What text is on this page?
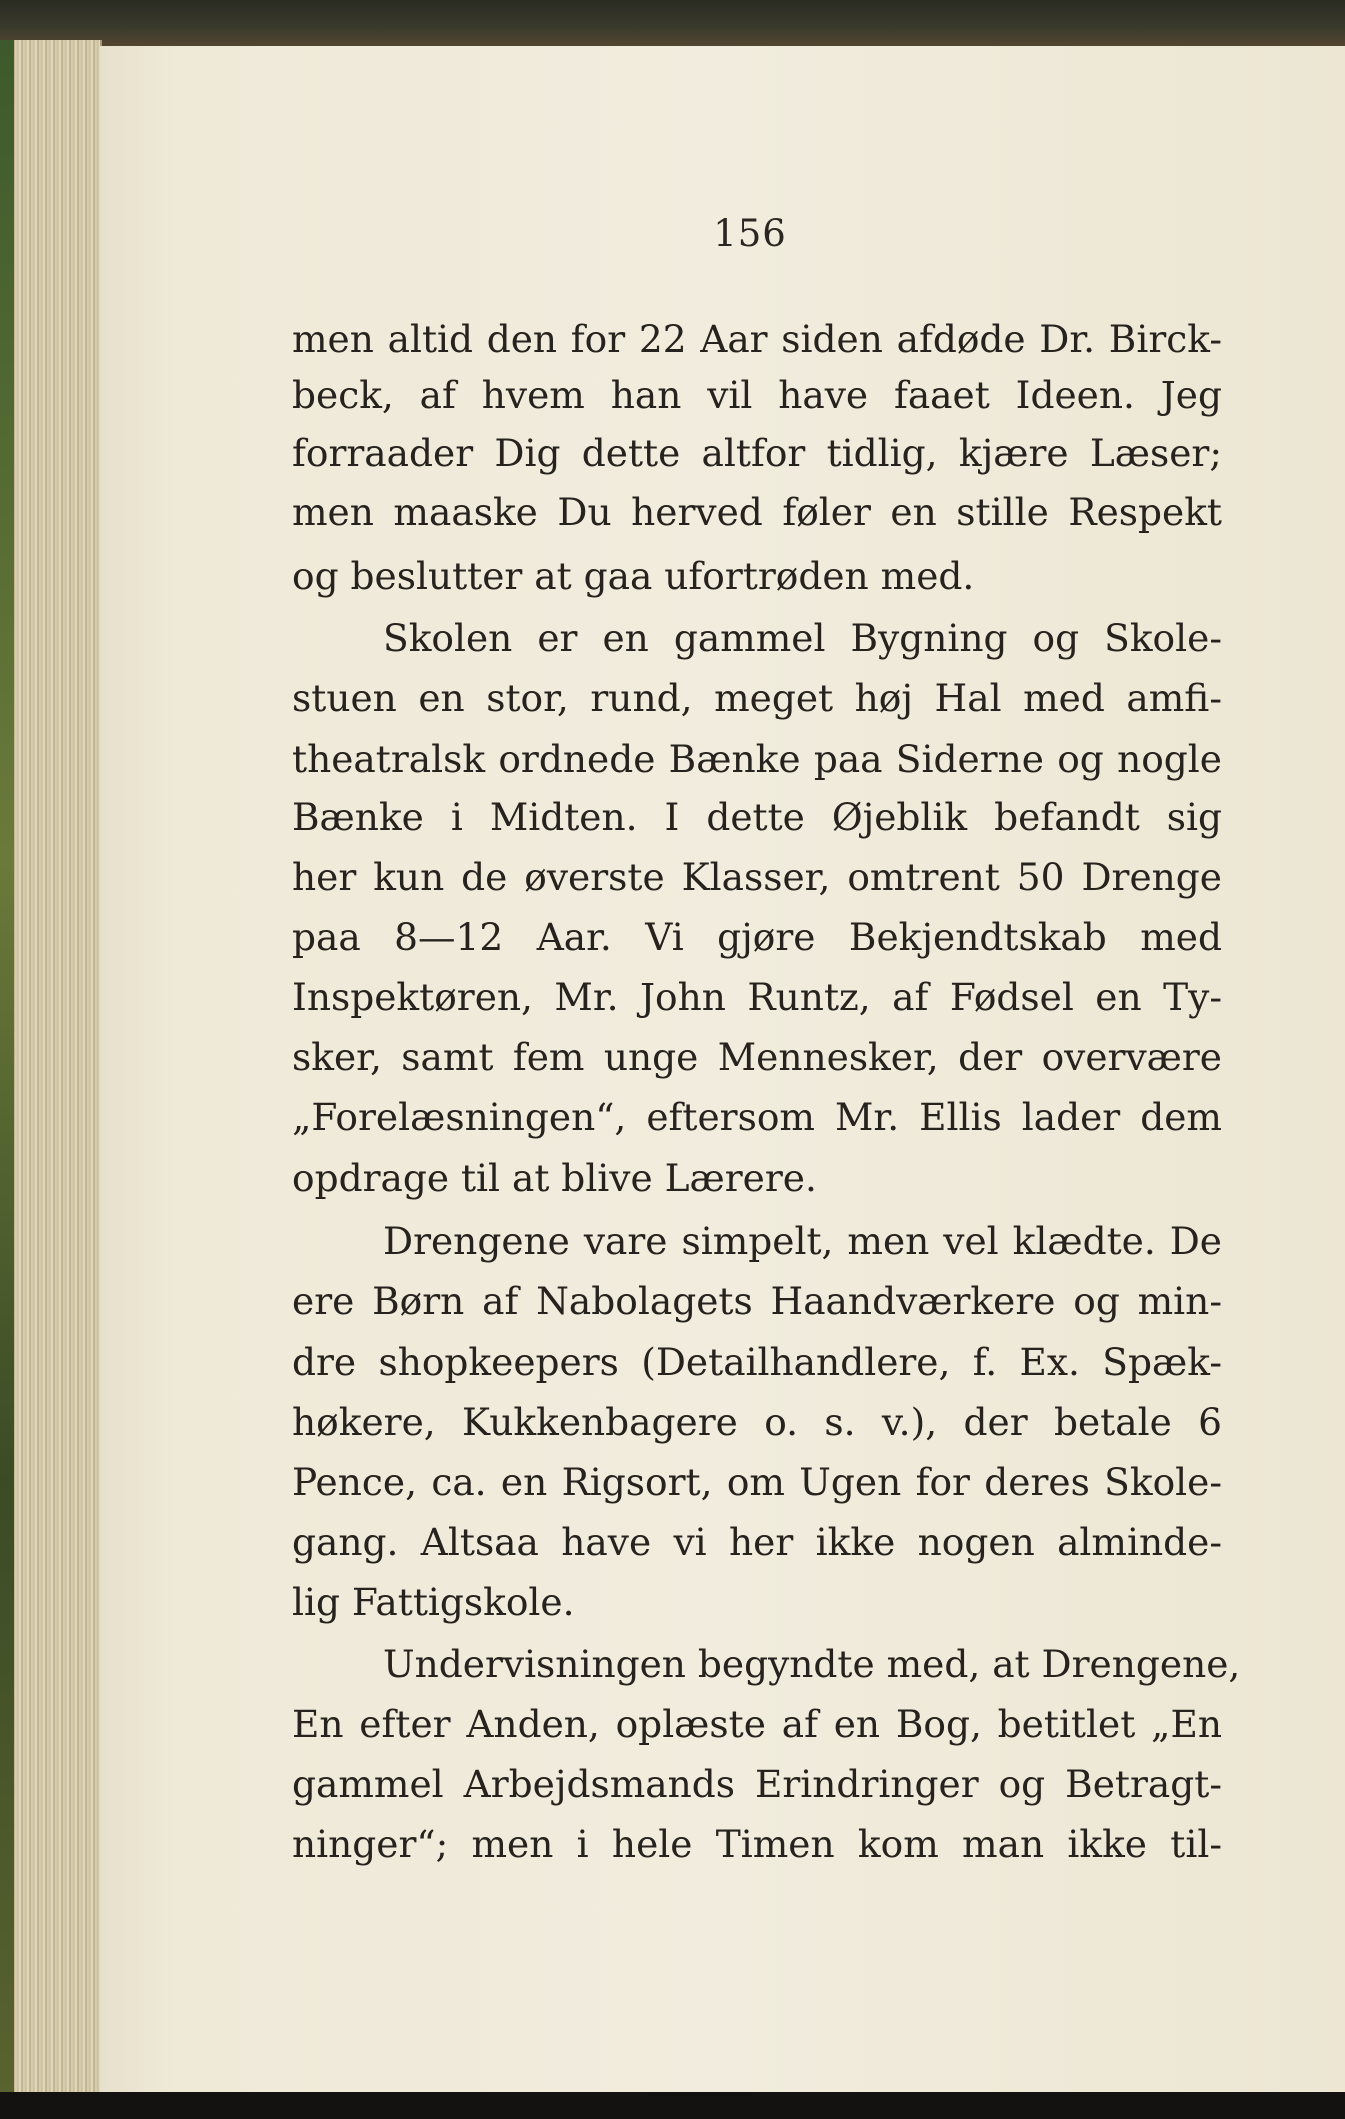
156

men altid den for 22 Aar siden afdøde Dr. Birck-

beck, af hvem han vil have faaet Ideen. Jeg

forraader Dig dette altfor tidlig, kjære Læser;

men maaske Du herved føler en stille Respekt

og beslutter at gaa ufortrøden med.

Skolen er en gammel Bygning og Skole-

stuen en stor, rund, meget høj Hal med amfi-

theatralsk ordnede Bænke paa Siderne og nogle

Bænke i Midten. I dette Øjeblik befandt sig

her kun de øverste Klasser, omtrent 50 Drenge

paa 8—12 Aar. Vi gjøre Bekjendtskab med

Inspektøren, Mr. John Runtz, af Fødsel en Ty-

sker, samt fem unge Mennesker, der overvære

„Forelæsningen“, eftersom Mr. Ellis lader dem

opdrage til at blive Lærere.

Drengene vare simpelt, men vel klædte. De

ere Børn af Nabolagets Haandværkere og min-

dre shopkeepers (Detailhandlere, f. Ex. Spæk-

høkere, Kukkenbagere o. s. v.), der betale 6

Pence, ca. en Rigsort, om Ugen for deres Skole-

gang. Altsaa have vi her ikke nogen alminde-

lig Fattigskole.

Undervisningen begyndte med, at Drengene,

En efter Anden, oplæste af en Bog, betitlet „En

gammel Arbejdsmands Erindringer og Betragt-

ninger“; men i hele Timen kom man ikke til-
